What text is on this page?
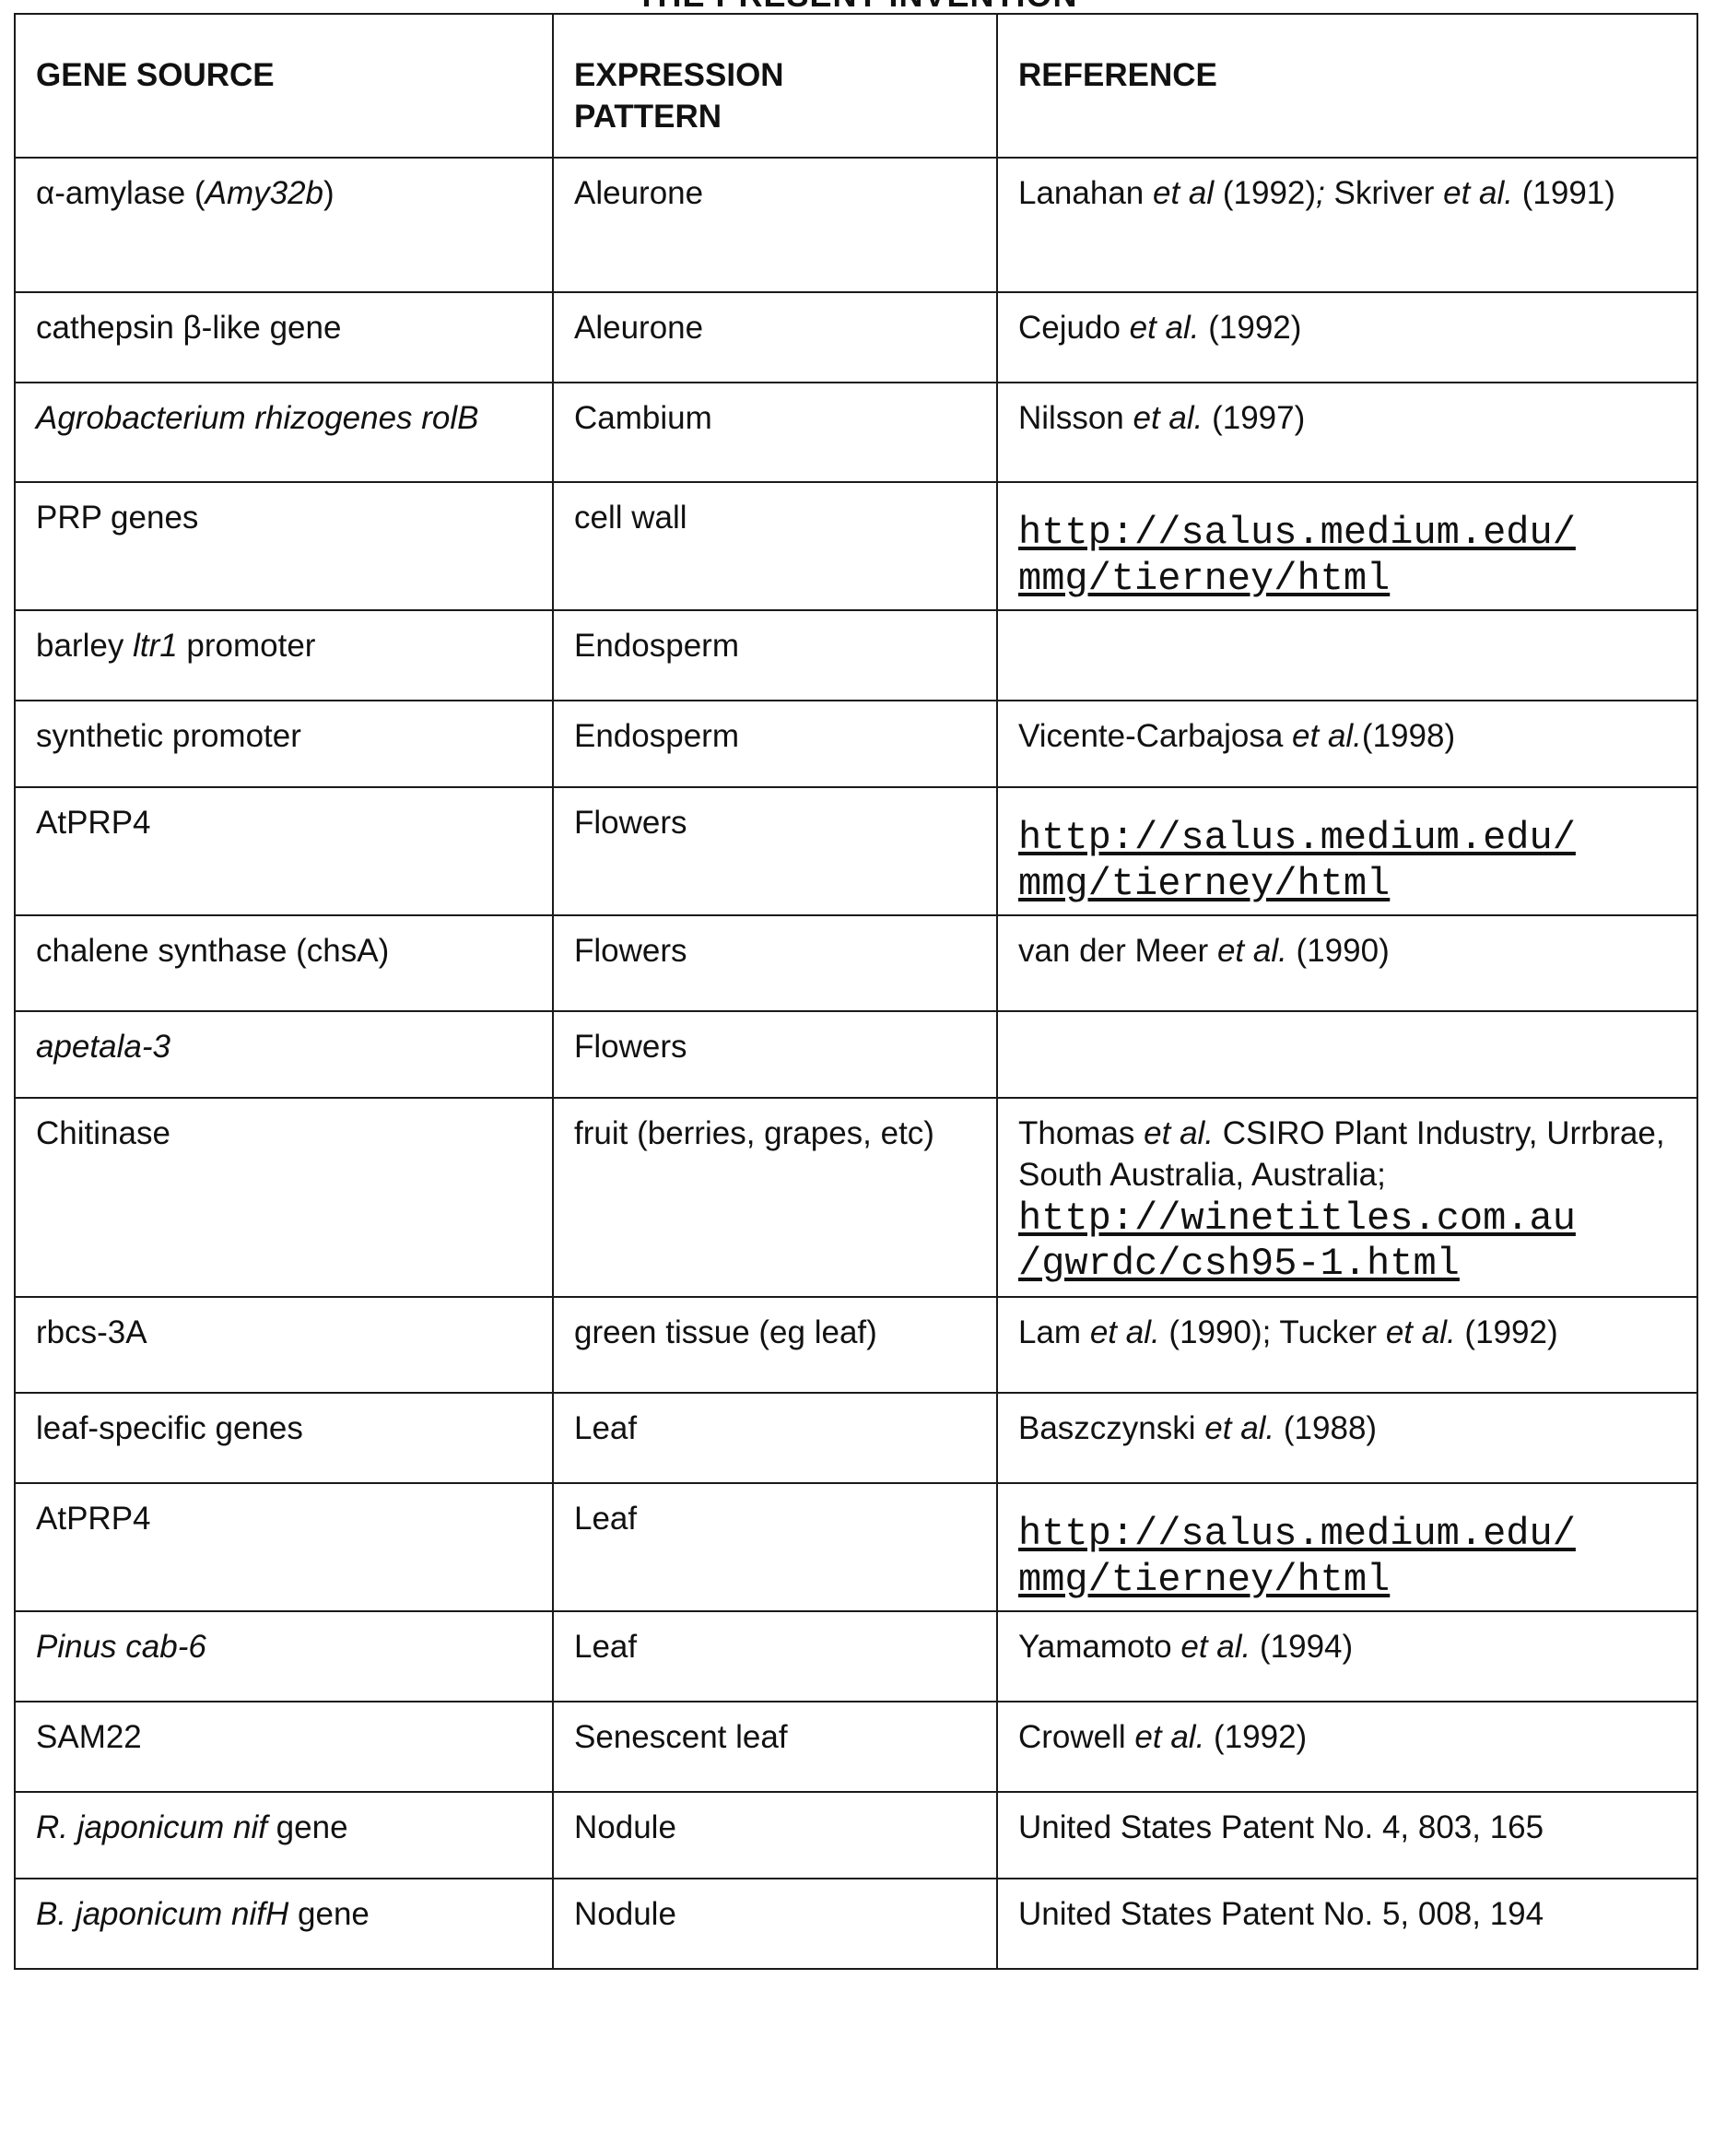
GENE SOURCE	EXPRESSION
PATTERN	REFERENCE
α-amylase (Amy32b)	Aleurone	Lanahan et al (1992); Skriver et al. (1991)
cathepsin β-like gene	Aleurone	Cejudo et al. (1992)
Agrobacterium rhizogenes rolB	Cambium	Nilsson et al. (1997)
PRP genes	cell wall	http://salus.medium.edu/ mmg/tierney/html
barley ltr1 promoter	Endosperm	
synthetic promoter	Endosperm	Vicente-Carbajosa et al.(1998)
AtPRP4	Flowers	http://salus.medium.edu/ mmg/tierney/html
chalene synthase (chsA)	Flowers	van der Meer et al. (1990)
apetala-3	Flowers	
Chitinase	fruit (berries, grapes, etc)	Thomas et al. CSIRO Plant Industry, Urrbrae, South Australia, Australia; http://winetitles.com.au /gwrdc/csh95-1.html
rbcs-3A	green tissue (eg leaf)	Lam et al. (1990); Tucker et al. (1992)
leaf-specific genes	Leaf	Baszczynski et al. (1988)
AtPRP4	Leaf	http://salus.medium.edu/ mmg/tierney/html
Pinus cab-6	Leaf	Yamamoto et al. (1994)
SAM22	Senescent leaf	Crowell et al. (1992)
R. japonicum nif gene	Nodule	United States Patent No. 4, 803, 165
B. japonicum nifH gene	Nodule	United States Patent No. 5, 008, 194
